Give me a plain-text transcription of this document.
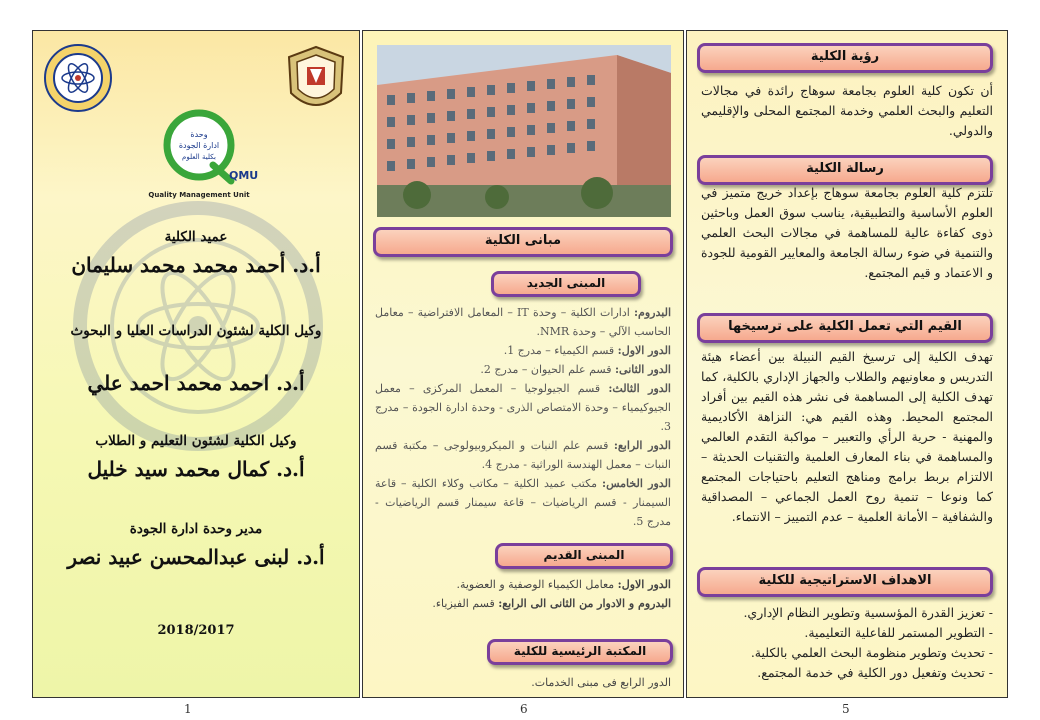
وحدة
ادارة الجودة
بكلية العلوم
QMU
Quality Management Unit
عميد الكلية
أ.د. أحمد محمد محمد سليمان
وكيل الكلية لشئون الدراسات العليا و البحوث
أ.د. احمد محمد احمد علي
وكيل الكلية لشئون التعليم و الطلاب
أ.د. كمال محمد سيد خليل
مدير وحدة ادارة الجودة
أ.د. لبنى عبدالمحسن عبيد نصر
2018/2017
مبانى الكلية
المبنى الجديد
البدروم: ادارات الكلية – وحدة IT – المعامل الافتراضية – معامل الحاسب الآلي – وحدة NMR.
الدور الاول: قسم الكيمياء – مدرج 1.
الدور الثانى: قسم علم الحيوان – مدرج 2.
الدور الثالث: قسم الجيولوجيا – المعمل المركزى – معمل الجيوكيمياء – وحدة الامتصاص الذرى - وحدة ادارة الجودة – مدرج 3.
الدور الرابع: قسم علم النبات و الميكروبيولوجى – مكتبة قسم النبات – معمل الهندسة الوراثية - مدرج 4.
الدور الخامس: مكتب عميد الكلية – مكاتب وكلاء الكلية – قاعة السيمنار - قسم الرياضيات – قاعة سيمنار قسم الرياضيات - مدرج 5.
المبنى القديم
الدور الاول: معامل الكيمياء الوصفية و العضوية.
البدروم و الادوار من الثانى الى الرابع: قسم الفيزياء.
المكتبة الرئيسية للكلية
الدور الرابع فى مبنى الخدمات.
رؤية الكلية
أن تكون كلية العلوم بجامعة سوهاج رائدة في مجالات التعليم والبحث العلمي وخدمة المجتمع المحلى والإقليمي والدولي.
رسالة الكلية
تلتزم كلية العلوم بجامعة سوهاج بإعداد خريج متميز في العلوم الأساسية والتطبيقية، يناسب سوق العمل وباحثين ذوى كفاءة عالية للمساهمة في مجالات البحث العلمي والتنمية في ضوء رسالة الجامعة والمعايير القومية للجودة و الاعتماد و قيم المجتمع.
القيم التي تعمل الكلية على ترسيخها
تهدف الكلية إلى ترسيخ القيم النبيلة بين أعضاء هيئة التدريس و معاونيهم والطلاب والجهاز الإداري بالكلية، كما تهدف الكلية إلى المساهمة فى نشر هذه القيم بين أفراد المجتمع المحيط. وهذه القيم هي: النزاهة الأكاديمية والمهنية - حرية الرأي والتعبير – مواكبة التقدم العالمي والمساهمة في بناء المعارف العلمية والتقنيات الحديثة – الالتزام بربط برامج ومناهج التعليم باحتياجات المجتمع كما ونوعا – تنمية روح العمل الجماعي – المصداقية والشفافية – الأمانة العلمية – عدم التمييز – الانتماء.
الاهداف الاستراتيجية للكلية
- تعزيز القدرة المؤسسية وتطوير النظام الإداري.
- التطوير المستمر للفاعلية التعليمية.
- تحديث وتطوير منظومة البحث العلمي بالكلية.
- تحديث وتفعيل دور الكلية في خدمة المجتمع.
1	6	5
